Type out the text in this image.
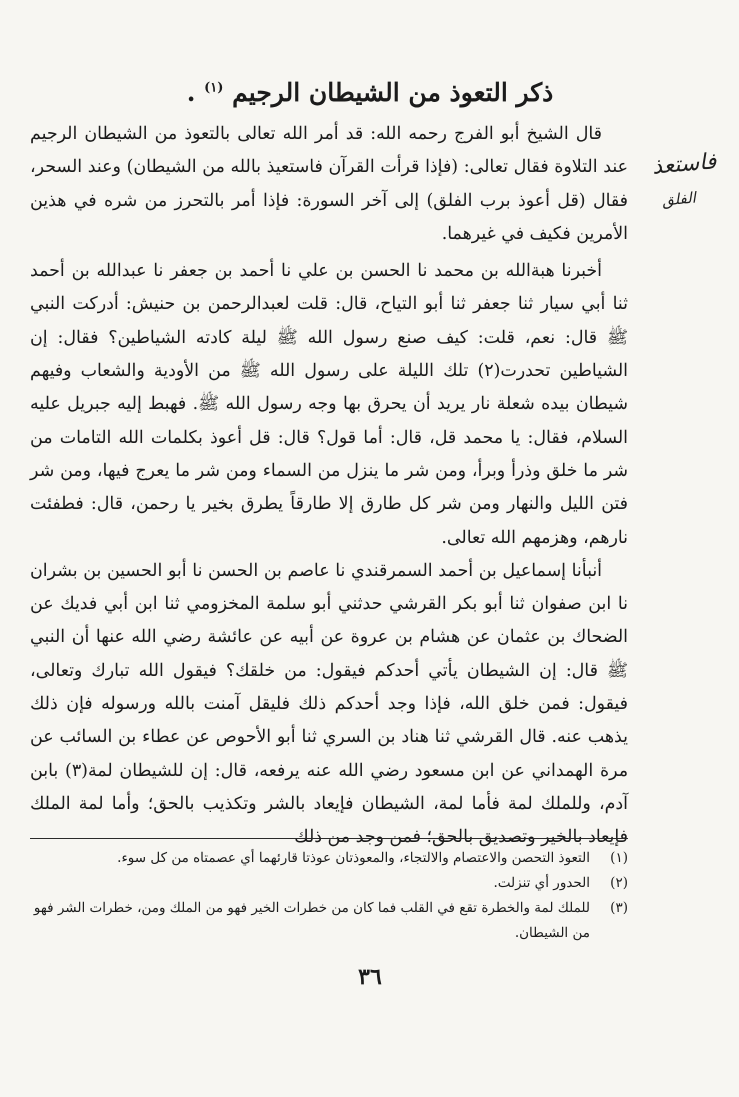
ذكر التعوذ من الشيطان الرجيم $^{(١)}$ .
فاستعذ
الفلق

قال الشيخ أبو الفرج رحمه الله: قد أمر الله تعالى بالتعوذ من الشيطان الرجيم عند التلاوة فقال تعالى: (فإذا قرأت القرآن فاستعيذ بالله من الشيطان) وعند السحر، فقال (قل أعوذ برب الفلق) إلى آخر السورة: فإذا أمر بالتحرز من شره في هذين الأمرين فكيف في غيرهما.

أخبرنا هبةالله بن محمد نا الحسن بن علي نا أحمد بن جعفر نا عبدالله بن أحمد ثنا أبي سيار ثنا جعفر ثنا أبو التياح، قال: قلت لعبدالرحمن بن حنيش: أدركت النبي ﷺ قال: نعم، قلت: كيف صنع رسول الله ﷺ ليلة كادته الشياطين؟ فقال: إن الشياطين تحدرت(٢) تلك الليلة على رسول الله ﷺ من الأودية والشعاب وفيهم شيطان بيده شعلة نار يريد أن يحرق بها وجه رسول الله ﷺ. فهبط إليه جبريل عليه السلام، فقال: يا محمد قل، قال: أما قول؟ قال: قل أعوذ بكلمات الله التامات من شر ما خلق وذرأ وبرأ، ومن شر ما ينزل من السماء ومن شر ما يعرج فيها، ومن شر فتن الليل والنهار ومن شر كل طارق إلا طارقاً يطرق بخير يا رحمن، قال: فطفئت نارهم، وهزمهم الله تعالى.

أنبأنا إسماعيل بن أحمد السمرقندي نا عاصم بن الحسن نا أبو الحسين بن بشران نا ابن صفوان ثنا أبو بكر القرشي حدثني أبو سلمة المخزومي ثنا ابن أبي فديك عن الضحاك بن عثمان عن هشام بن عروة عن أبيه عن عائشة رضي الله عنها أن النبي ﷺ قال: إن الشيطان يأتي أحدكم فيقول: من خلقك؟ فيقول الله تبارك وتعالى، فيقول: فمن خلق الله، فإذا وجد أحدكم ذلك فليقل آمنت بالله ورسوله فإن ذلك يذهب عنه. قال القرشي ثنا هناد بن السري ثنا أبو الأحوص عن عطاء بن السائب عن مرة الهمداني عن ابن مسعود رضي الله عنه يرفعه، قال: إن للشيطان لمة(٣) بابن آدم، وللملك لمة فأما لمة، الشيطان فإيعاد بالشر وتكذيب بالحق؛ وأما لمة الملك فإيعاد بالخير وتصديق بالحق؛ فمن وجد من ذلك

(١)
التعوذ التحصن والاعتصام والالتجاء، والمعوذتان عوذتا قارئهما أي عصمتاه من كل سوء.
(٢)
الحدور أي تنزلت.
(٣)
للملك لمة والخطرة تقع في القلب فما كان من خطرات الخير فهو من الملك ومن، خطرات الشر فهو من الشيطان.
٣٦
